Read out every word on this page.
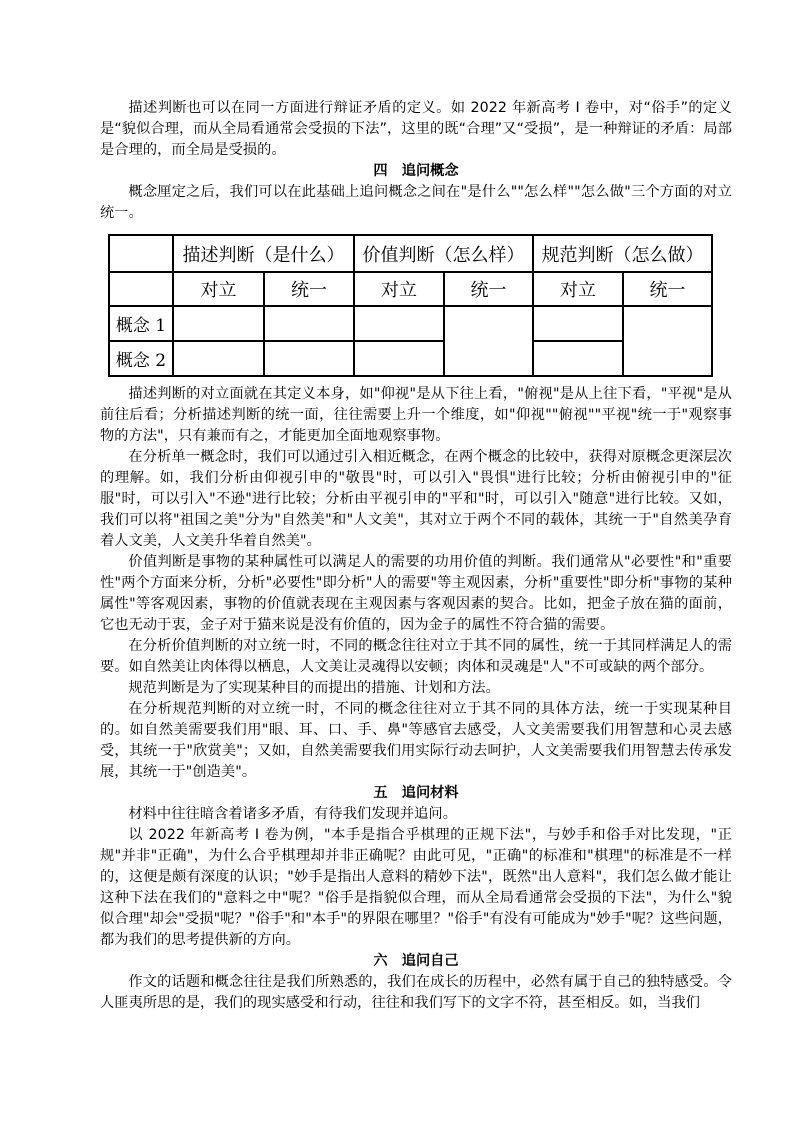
描述判断也可以在同一方面进行辩证矛盾的定义。如 2022 年新高考 I 卷中，对“俗手”的定义是“貌似合理，而从全局看通常会受损的下法”，这里的既“合理”又“受损”，是一种辩证的矛盾：局部是合理的，而全局是受损的。

四　追问概念

概念厘定之后，我们可以在此基础上追问概念之间在"是什么""怎么样""怎么做"三个方面的对立统一。

	描述判断（是什么）		价值判断（怎么样）		规范判断（怎么做）	
	对立	统一	对立	统一	对立	统一
概念 1		

概念 2						

描述判断的对立面就在其定义本身，如"仰视"是从下往上看，"俯视"是从上往下看，"平视"是从前往后看；分析描述判断的统一面，往往需要上升一个维度，如"仰视""俯视""平视"统一于"观察事物的方法"，只有兼而有之，才能更加全面地观察事物。

在分析单一概念时，我们可以通过引入相近概念，在两个概念的比较中，获得对原概念更深层次的理解。如，我们分析由仰视引申的"敬畏"时，可以引入"畏惧"进行比较；分析由俯视引申的"征服"时，可以引入"不逊"进行比较；分析由平视引申的"平和"时，可以引入"随意"进行比较。又如，我们可以将"祖国之美"分为"自然美"和"人文美"，其对立于两个不同的载体，其统一于"自然美孕育着人文美，人文美升华着自然美"。

价值判断是事物的某种属性可以满足人的需要的功用价值的判断。我们通常从"必要性"和"重要性"两个方面来分析，分析"必要性"即分析"人的需要"等主观因素，分析"重要性"即分析"事物的某种属性"等客观因素，事物的价值就表现在主观因素与客观因素的契合。比如，把金子放在猫的面前，它也无动于衷，金子对于猫来说是没有价值的，因为金子的属性不符合猫的需要。

在分析价值判断的对立统一时，不同的概念往往对立于其不同的属性，统一于其同样满足人的需要。如自然美让肉体得以栖息，人文美让灵魂得以安顿；肉体和灵魂是"人"不可或缺的两个部分。

规范判断是为了实现某种目的而提出的措施、计划和方法。

在分析规范判断的对立统一时，不同的概念往往对立于其不同的具体方法，统一于实现某种目的。如自然美需要我们用"眼、耳、口、手、鼻"等感官去感受，人文美需要我们用智慧和心灵去感受，其统一于"欣赏美"；又如，自然美需要我们用实际行动去呵护，人文美需要我们用智慧去传承发展，其统一于"创造美"。

五　追问材料

材料中往往暗含着诸多矛盾，有待我们发现并追问。

以 2022 年新高考 I 卷为例，"本手是指合乎棋理的正规下法"，与妙手和俗手对比发现，"正规"并非"正确"，为什么合乎棋理却并非正确呢？由此可见，"正确"的标准和"棋理"的标准是不一样的，这便是颇有深度的认识；"妙手是指出人意料的精妙下法"，既然"出人意料"，我们怎么做才能让这种下法在我们的"意料之中"呢？"俗手是指貌似合理，而从全局看通常会受损的下法"，为什么"貌似合理"却会"受损"呢？"俗手"和"本手"的界限在哪里？"俗手"有没有可能成为"妙手"呢？这些问题，都为我们的思考提供新的方向。

六　追问自己

作文的话题和概念往往是我们所熟悉的，我们在成长的历程中，必然有属于自己的独特感受。令人匪夷所思的是，我们的现实感受和行动，往往和我们写下的文字不符，甚至相反。如，当我们
